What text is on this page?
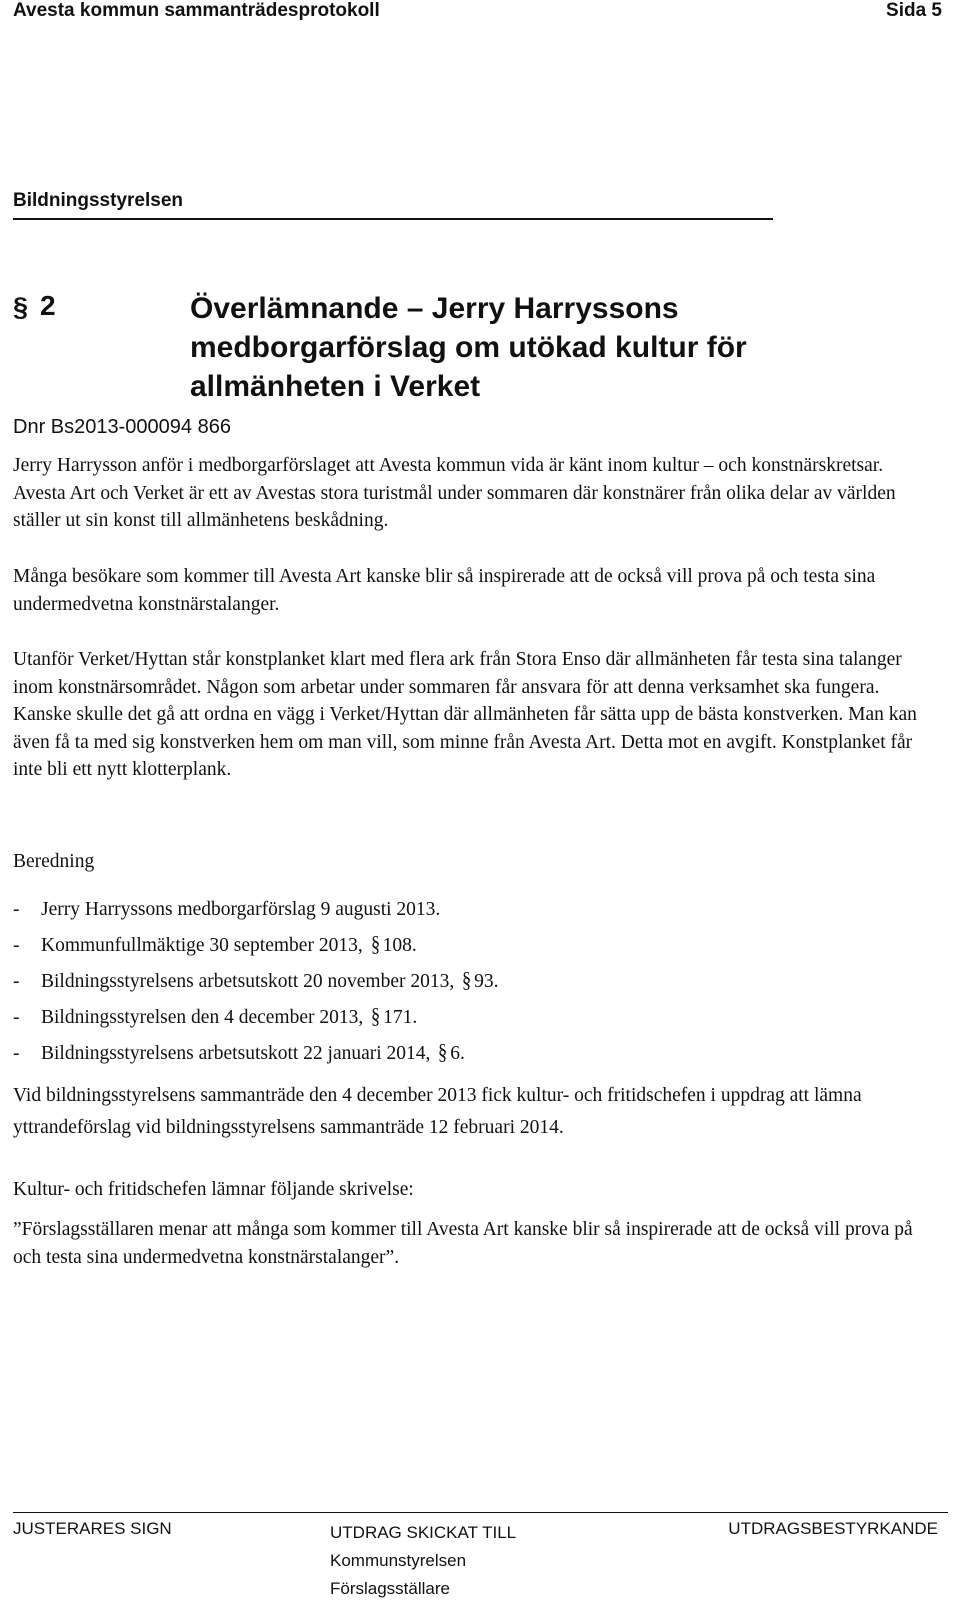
Avesta kommun sammanträdesprotokoll	Sida 5
Bildningsstyrelsen
§ 2	Överlämnande – Jerry Harryssons
medborgarförslag om utökad kultur för
allmänheten i Verket
Dnr Bs2013-000094 866
Jerry Harrysson anför i medborgarförslaget att Avesta kommun vida är känt inom kultur – och konstnärskretsar. Avesta Art och Verket är ett av Avestas stora turistmål under sommaren där konstnärer från olika delar av världen ställer ut sin konst till allmänhetens beskådning.
Många besökare som kommer till Avesta Art kanske blir så inspirerade att de också vill prova på och testa sina undermedvetna konstnärstalanger.
Utanför Verket/Hyttan står konstplanket klart med flera ark från Stora Enso där allmänheten får testa sina talanger inom konstnärsområdet. Någon som arbetar under sommaren får ansvara för att denna verksamhet ska fungera. Kanske skulle det gå att ordna en vägg i Verket/Hyttan där allmänheten får sätta upp de bästa konstverken. Man kan även få ta med sig konstverken hem om man vill, som minne från Avesta Art. Detta mot en avgift. Konstplanket får inte bli ett nytt klotterplank.
Beredning
- Jerry Harryssons medborgarförslag 9 augusti 2013.
- Kommunfullmäktige 30 september 2013, § 108.
- Bildningsstyrelsens arbetsutskott 20 november 2013, § 93.
- Bildningsstyrelsen den 4 december 2013, § 171.
- Bildningsstyrelsens arbetsutskott 22 januari 2014, § 6.
Vid bildningsstyrelsens sammanträde den 4 december 2013 fick kultur- och fritidschefen i uppdrag att lämna yttrandeförslag vid bildningsstyrelsens sammanträde 12 februari 2014.
Kultur- och fritidschefen lämnar följande skrivelse:
”Förslagsställaren menar att många som kommer till Avesta Art kanske blir så inspirerade att de också vill prova på och testa sina undermedvetna konstnärstalanger”.
JUSTERARES SIGN	UTDRAG SKICKAT TILL
Kommunstyrelsen
Förslagsställare
UTDRAGSBESTYRKANDE
